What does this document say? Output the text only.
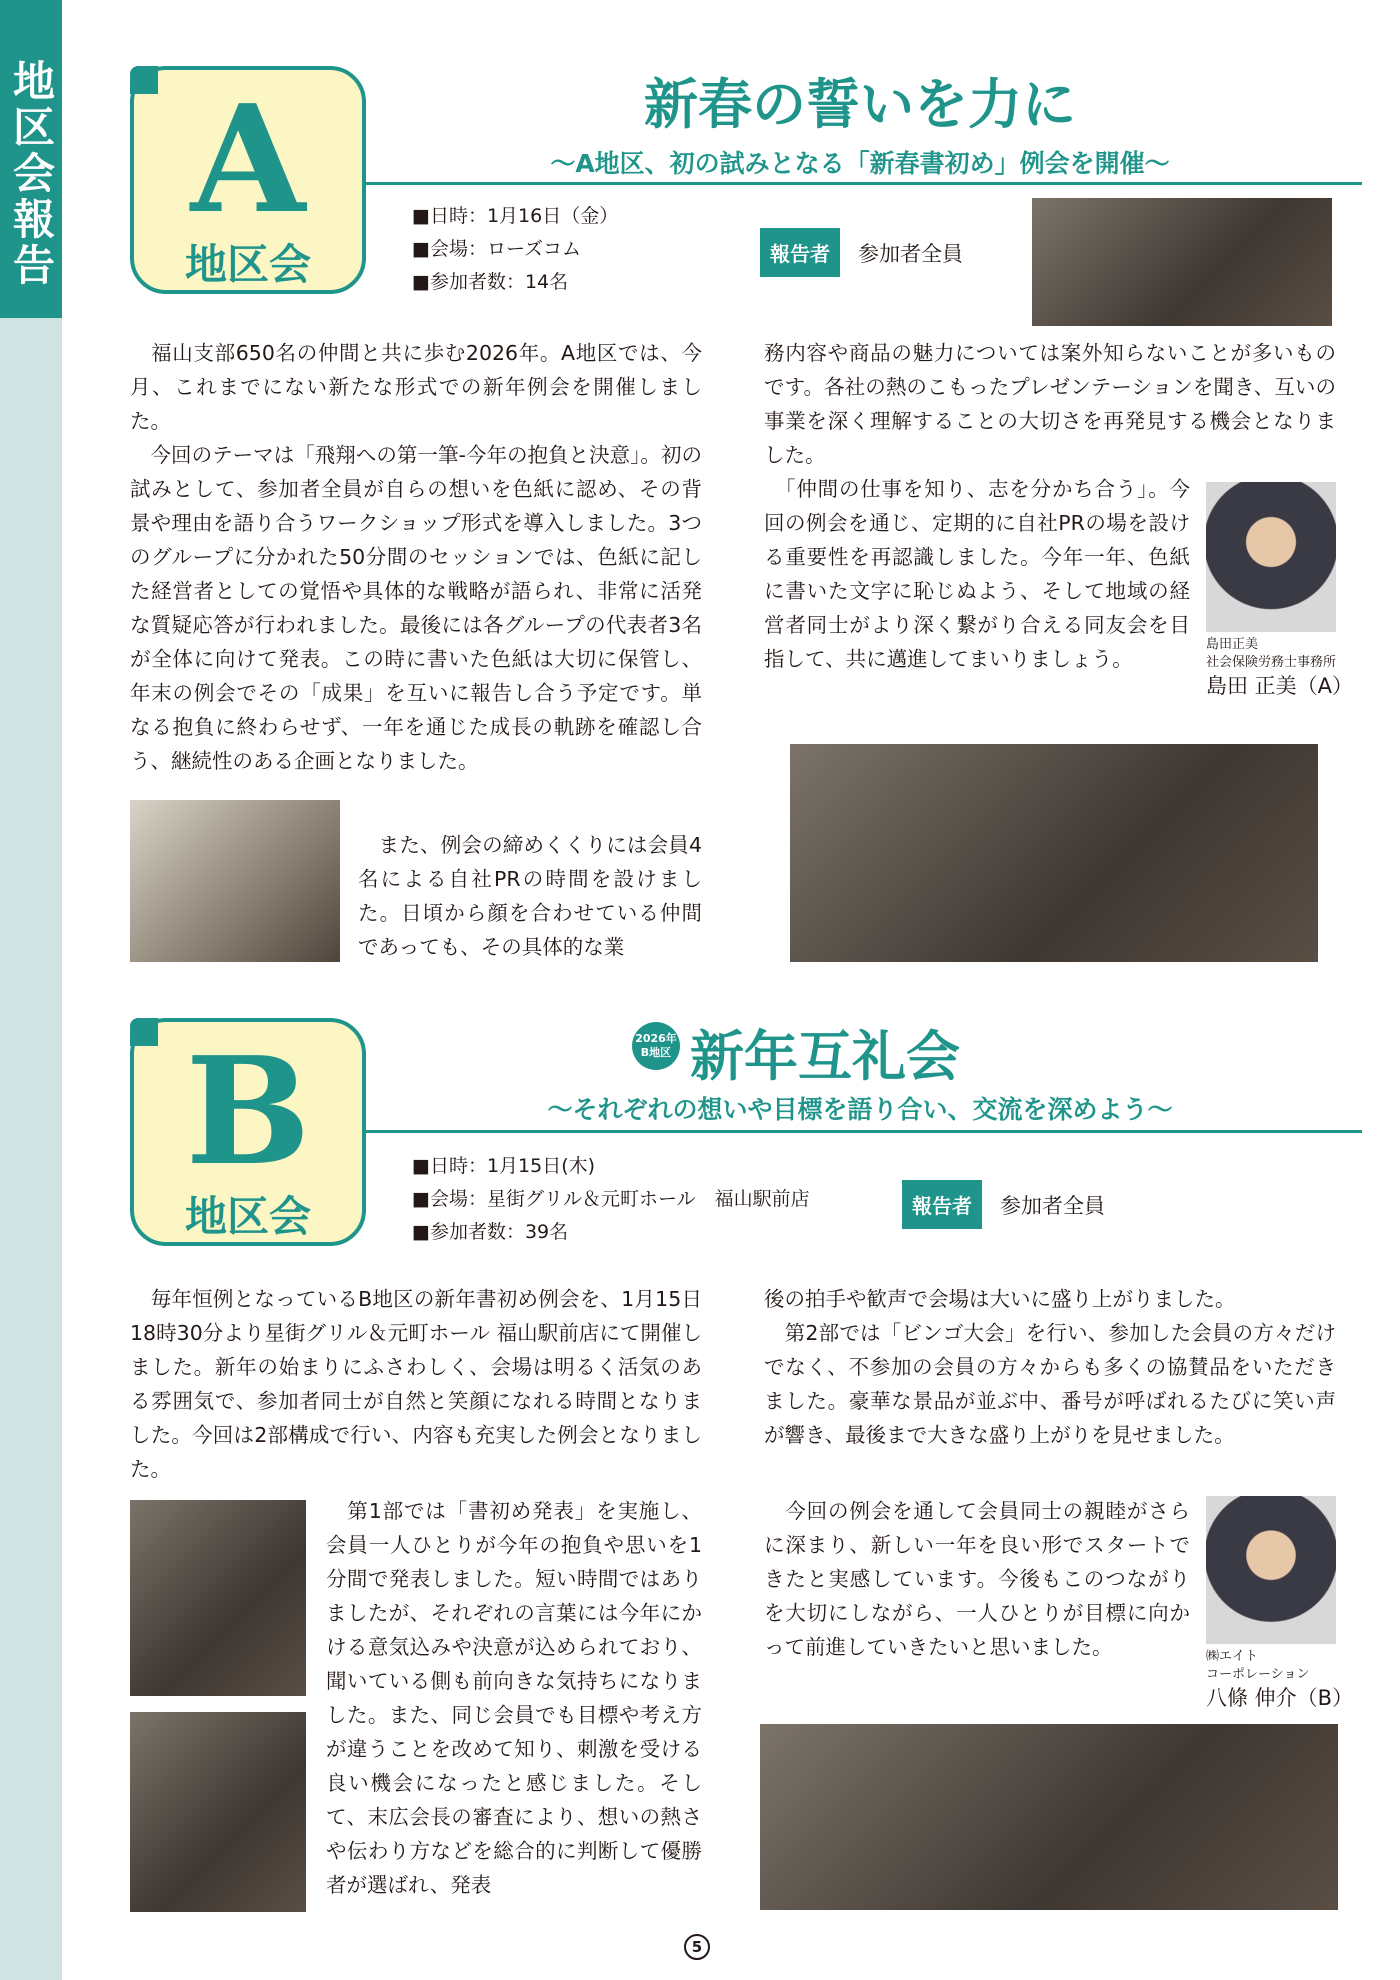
地区会報告 A
地区会
新春の誓いを力に
～A地区、初の試みとなる「新春書初め」例会を開催～
■日時：1月16日（金）
■会場：ローズコム
■参加者数：14名
報告者	参加者全員

　福山支部650名の仲間と共に歩む2026年。A地区では、今月、これまでにない新たな形式での新年例会を開催しました。

　今回のテーマは「飛翔への第一筆-今年の抱負と決意」。初の試みとして、参加者全員が自らの想いを色紙に認め、その背景や理由を語り合うワークショップ形式を導入しました。3つのグループに分かれた50分間のセッションでは、色紙に記した経営者としての覚悟や具体的な戦略が語られ、非常に活発な質疑応答が行われました。最後には各グループの代表者3名が全体に向けて発表。この時に書いた色紙は大切に保管し、年末の例会でその「成果」を互いに報告し合う予定です。単なる抱負に終わらせず、一年を通じた成長の軌跡を確認し合う、継続性のある企画となりました。

　また、例会の締めくくりには会員4名による自社PRの時間を設けました。日頃から顔を合わせている仲間であっても、その具体的な業

務内容や商品の魅力については案外知らないことが多いものです。各社の熱のこもったプレゼンテーションを聞き、互いの事業を深く理解することの大切さを再発見する機会となりました。

　「仲間の仕事を知り、志を分かち合う」。今回の例会を通じ、定期的に自社PRの場を設ける重要性を再認識しました。今年一年、色紙に書いた文字に恥じぬよう、そして地域の経営者同士がより深く繋がり合える同友会を目指して、共に邁進してまいりましょう。

島田正美
社会保険労務士事務所
島田 正美（A）
B
地区会
2026年 B地区 新年互礼会
～それぞれの想いや目標を語り合い、交流を深めよう～
■日時：1月15日(木)
■会場：星街グリル＆元町ホール　福山駅前店
■参加者数：39名
報告者	参加者全員

　毎年恒例となっているB地区の新年書初め例会を、1月15日18時30分より星街グリル＆元町ホール 福山駅前店にて開催しました。新年の始まりにふさわしく、会場は明るく活気のある雰囲気で、参加者同士が自然と笑顔になれる時間となりました。今回は2部構成で行い、内容も充実した例会となりました。

　第1部では「書初め発表」を実施し、会員一人ひとりが今年の抱負や思いを1分間で発表しました。短い時間ではありましたが、それぞれの言葉には今年にかける意気込みや決意が込められており、聞いている側も前向きな気持ちになりました。また、同じ会員でも目標や考え方が違うことを改めて知り、刺激を受ける良い機会になったと感じました。そして、末広会長の審査により、想いの熱さや伝わり方などを総合的に判断して優勝者が選ばれ、発表

後の拍手や歓声で会場は大いに盛り上がりました。

　第2部では「ビンゴ大会」を行い、参加した会員の方々だけでなく、不参加の会員の方々からも多くの協賛品をいただきました。豪華な景品が並ぶ中、番号が呼ばれるたびに笑い声が響き、最後まで大きな盛り上がりを見せました。

　今回の例会を通して会員同士の親睦がさらに深まり、新しい一年を良い形でスタートできたと実感しています。今後もこのつながりを大切にしながら、一人ひとりが目標に向かって前進していきたいと思いました。	㈱エイト
コーポレーション
八條 伸介（B）
5
